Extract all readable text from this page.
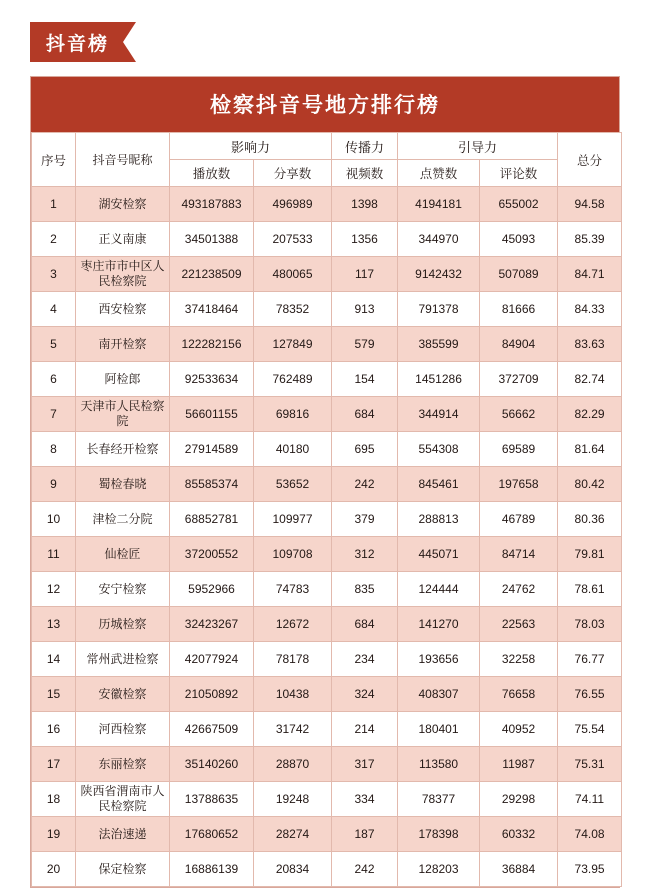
抖音榜
检察抖音号地方排行榜
序号	抖音号昵称	影响力		传播力	引导力		总分
		播放数	分享数	视频数	点赞数	评论数	
1	湖安检察	493187883	496989	1398	4194181	655002	94.58
2	正义南康	34501388	207533	1356	344970	45093	85.39
3	枣庄市市中区人民检察院	221238509	480065	117	9142432	507089	84.71
4	西安检察	37418464	78352	913	791378	81666	84.33
5	南开检察	122282156	127849	579	385599	84904	83.63
6	阿检郎	92533634	762489	154	1451286	372709	82.74
7	天津市人民检察院	56601155	69816	684	344914	56662	82.29
8	长春经开检察	27914589	40180	695	554308	69589	81.64
9	蜀检春晓	85585374	53652	242	845461	197658	80.42
10	津检二分院	68852781	109977	379	288813	46789	80.36
11	仙检匠	37200552	109708	312	445071	84714	79.81
12	安宁检察	5952966	74783	835	124444	24762	78.61
13	历城检察	32423267	12672	684	141270	22563	78.03
14	常州武进检察	42077924	78178	234	193656	32258	76.77
15	安徽检察	21050892	10438	324	408307	76658	76.55
16	河西检察	42667509	31742	214	180401	40952	75.54
17	东丽检察	35140260	28870	317	113580	11987	75.31
18	陕西省渭南市人民检察院	13788635	19248	334	78377	29298	74.11
19	法治速递	17680652	28274	187	178398	60332	74.08
20	保定检察	16886139	20834	242	128203	36884	73.95
